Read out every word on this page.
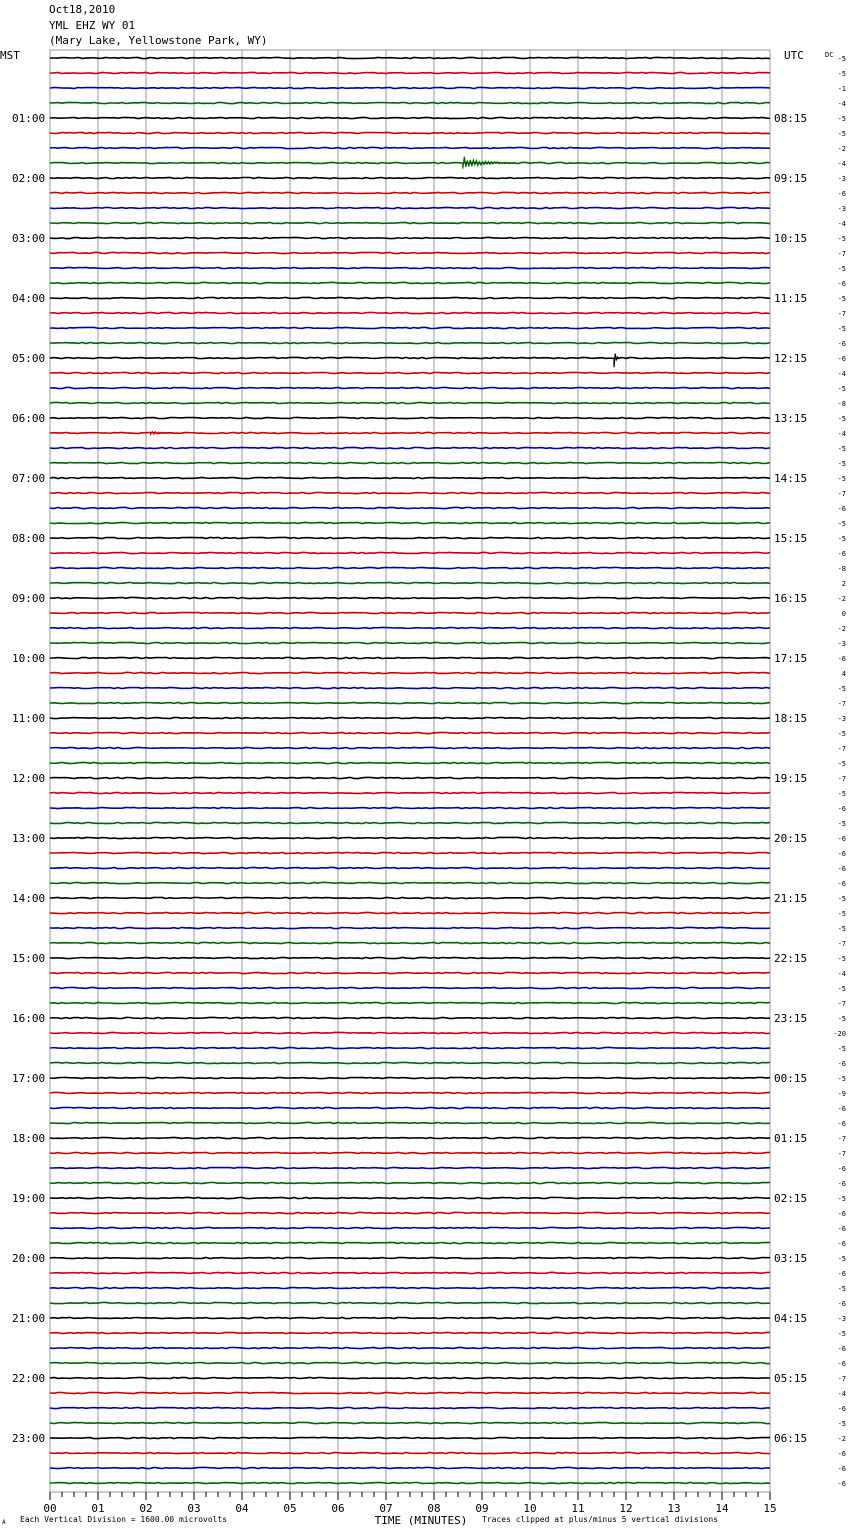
Oct18,2010
YML EHZ WY 01
(Mary Lake, Yellowstone Park, WY)
MST	UTC	DC
01:00
02:00
03:00
04:00
05:00
06:00
07:00
08:00
09:00
10:00
11:00
12:00
13:00
14:00
15:00
16:00
17:00
18:00
19:00
20:00
21:00
22:00
23:00
08:15
09:15
10:15
11:15
12:15
13:15
14:15
15:15
16:15
17:15
18:15
19:15
20:15
21:15
22:15
23:15
00:15
01:15
02:15
03:15
04:15
05:15
06:15
-5
-5
-1
-4
-5
-5
-2
-4
-3
-6
-3
-4
-5
-7
-5
-6
-5
-7
-5
-6
-6
-4
-5
-8
-5
-4
-5
-5
-5
-7
-6
-5
-5
-6
-8
2
-2
0
-2
-3
-6
4
-5
-7
-3
-5
-7
-5
-7
-5
-6
-5
-6
-6
-6
-6
-5
-5
-5
-7
-5
-4
-5
-7
-5
-20
-5
-6
-5
-9
-6
-6
-7
-7
-6
-6
-5
-6
-6
-6
-5
-6
-5
-6
-3
-5
-6
-6
-7
-4
-6
-5
-2
-6
-6
-6
00	01	02	03	04	05	06	07	08	09	10	11	12	13	14	15
TIME (MINUTES)
Each Vertical Division = 1600.00 microvolts	Traces clipped at plus/minus 5 vertical divisions
A
